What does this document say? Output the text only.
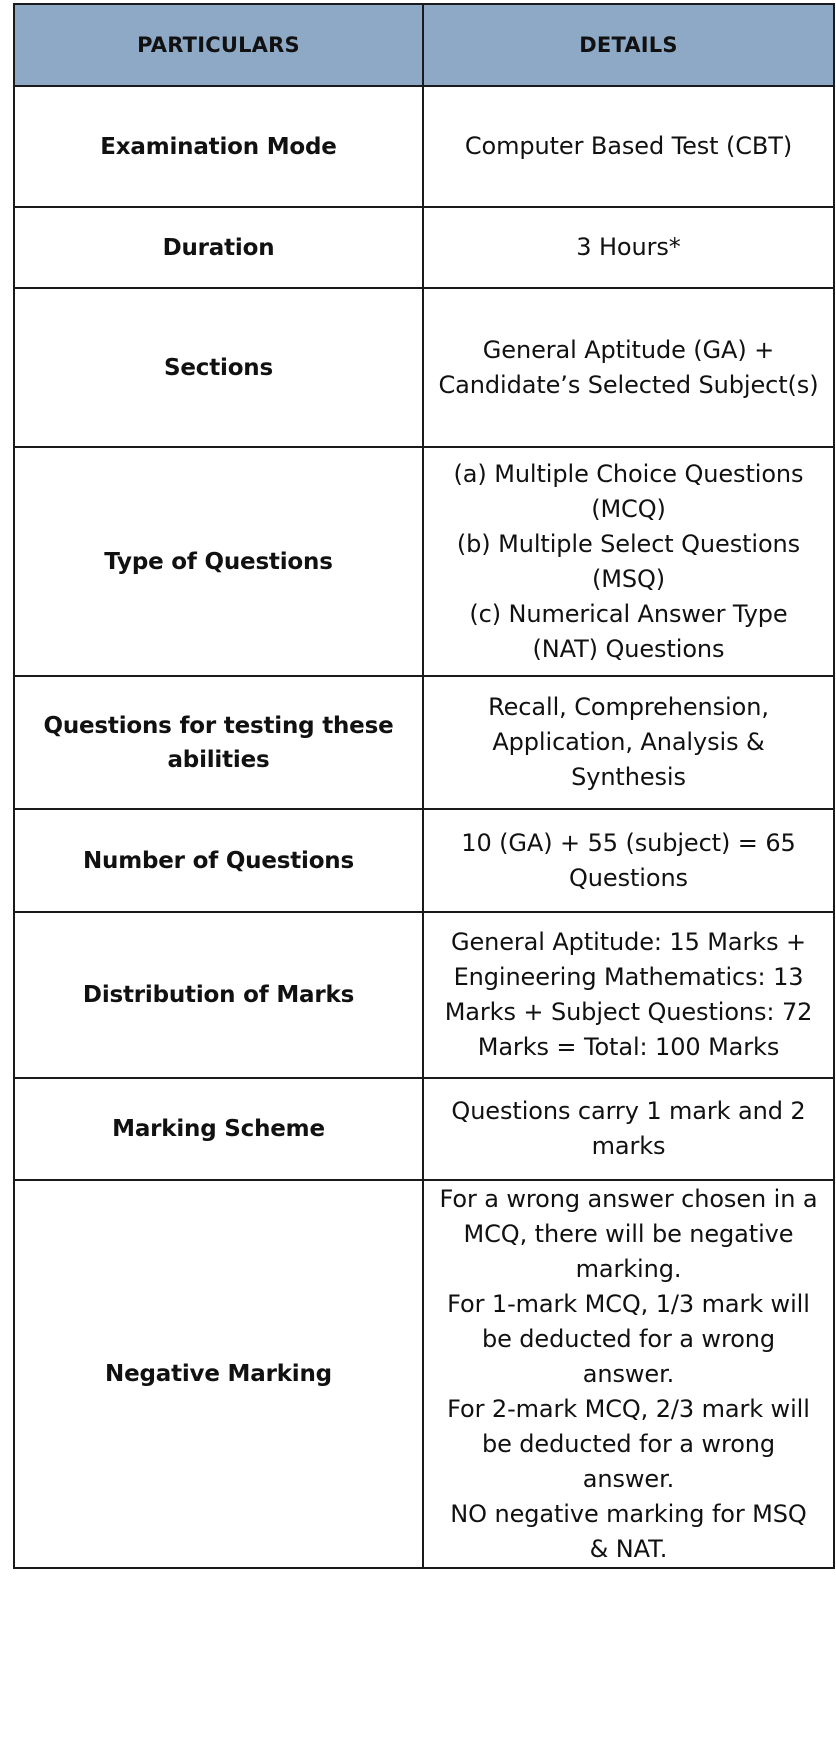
PARTICULARS	DETAILS
Examination Mode	Computer Based Test (CBT)

Duration	3 Hours*

Sections	General Aptitude (GA) + Candidate’s Selected Subject(s)

Type of Questions	(a) Multiple Choice Questions (MCQ)
(b) Multiple Select Questions (MSQ)
(c) Numerical Answer Type (NAT) Questions

Questions for testing these abilities	Recall, Comprehension, Application, Analysis & Synthesis

Number of Questions	10 (GA) + 55 (subject) = 65 Questions

Distribution of Marks	General Aptitude: 15 Marks + Engineering Mathematics: 13 Marks + Subject Questions: 72 Marks = Total: 100 Marks

Marking Scheme	Questions carry 1 mark and 2 marks

Negative Marking	For a wrong answer chosen in a MCQ, there will be negative marking.
For 1-mark MCQ, 1/3 mark will be deducted for a wrong answer.
For 2-mark MCQ, 2/3 mark will be deducted for a wrong answer.
NO negative marking for MSQ & NAT.
